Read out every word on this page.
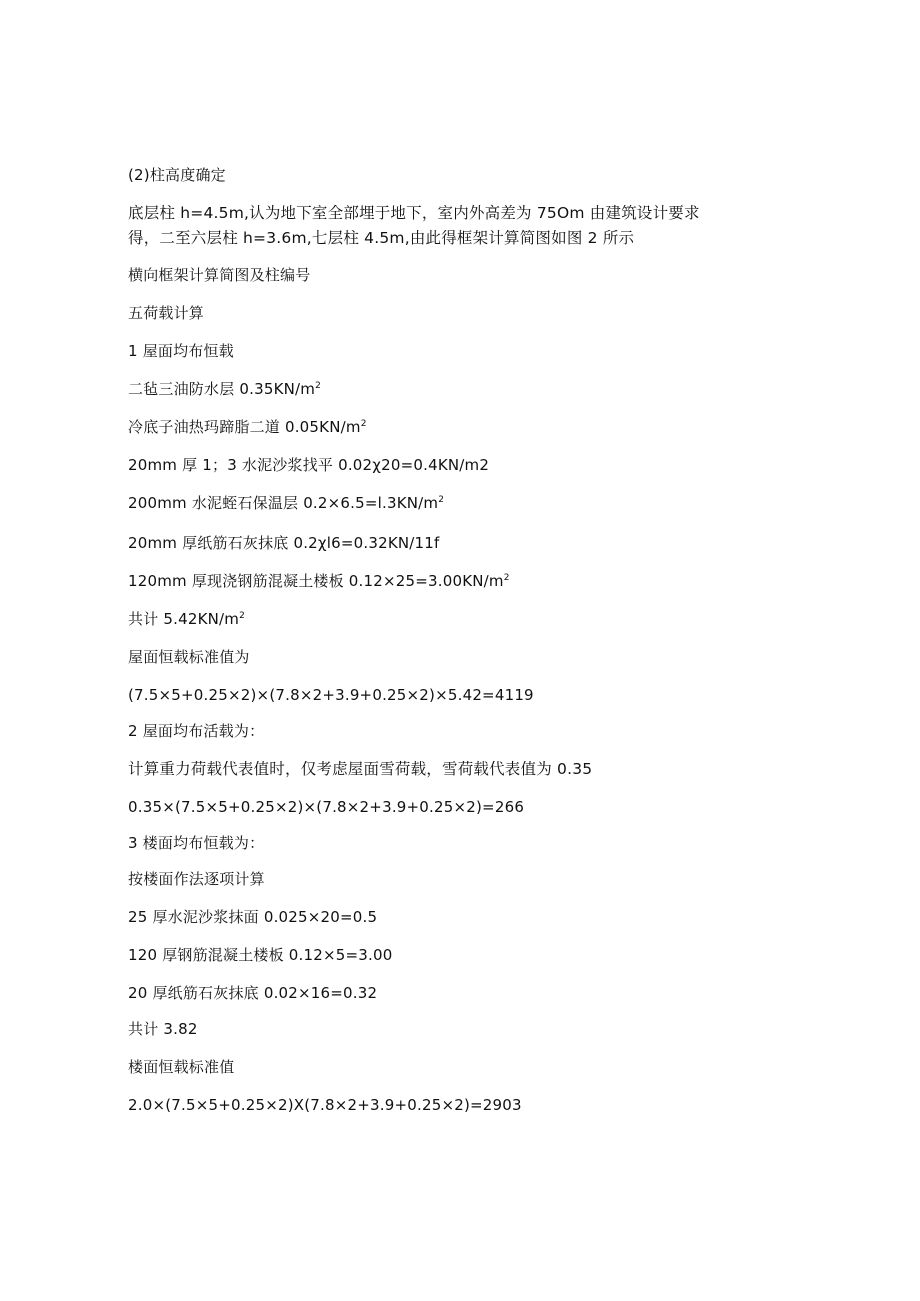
(2)柱高度确定
底层柱 h=4.5m,认为地下室全部埋于地下，室内外高差为 75Om 由建筑设计要求
得，二至六层柱 h=3.6m,七层柱 4.5m,由此得框架计算简图如图 2 所示
横向框架计算简图及柱编号
五荷载计算
1 屋面均布恒载
二毡三油防水层 $0.35KN∕m^2$
冷底子油热玛蹄脂二道 $0.05KN∕m^2$
20mm 厚 1；3 水泥沙浆找平 0.02χ20=0.4KN∕m2
200mm 水泥蛭石保温层 $0.2\times 6.5=l.3KN∕m^2$
20mm 厚纸筋石灰抹底 0.2χl6=0.32KN∕11f
120mm 厚现浇钢筋混凝土楼板 $0.12\times 25=3.00KN∕m^2$
共计 $5.42KN∕m^2$
屋面恒载标准值为
(7.5×5+0.25×2)×(7.8×2+3.9+0.25×2)×5.42=4119
2 屋面均布活载为：
计算重力荷载代表值时，仅考虑屋面雪荷载，雪荷载代表值为 0.35
0.35×(7.5×5+0.25×2)×(7.8×2+3.9+0.25×2)=266
3 楼面均布恒载为：
按楼面作法逐项计算
25 厚水泥沙浆抹面 0.025×20=0.5
120 厚钢筋混凝土楼板 0.12×5=3.00
20 厚纸筋石灰抹底 0.02×16=0.32
共计 3.82
楼面恒载标准值
2.0×(7.5×5+0.25×2)X(7.8×2+3.9+0.25×2)=2903
